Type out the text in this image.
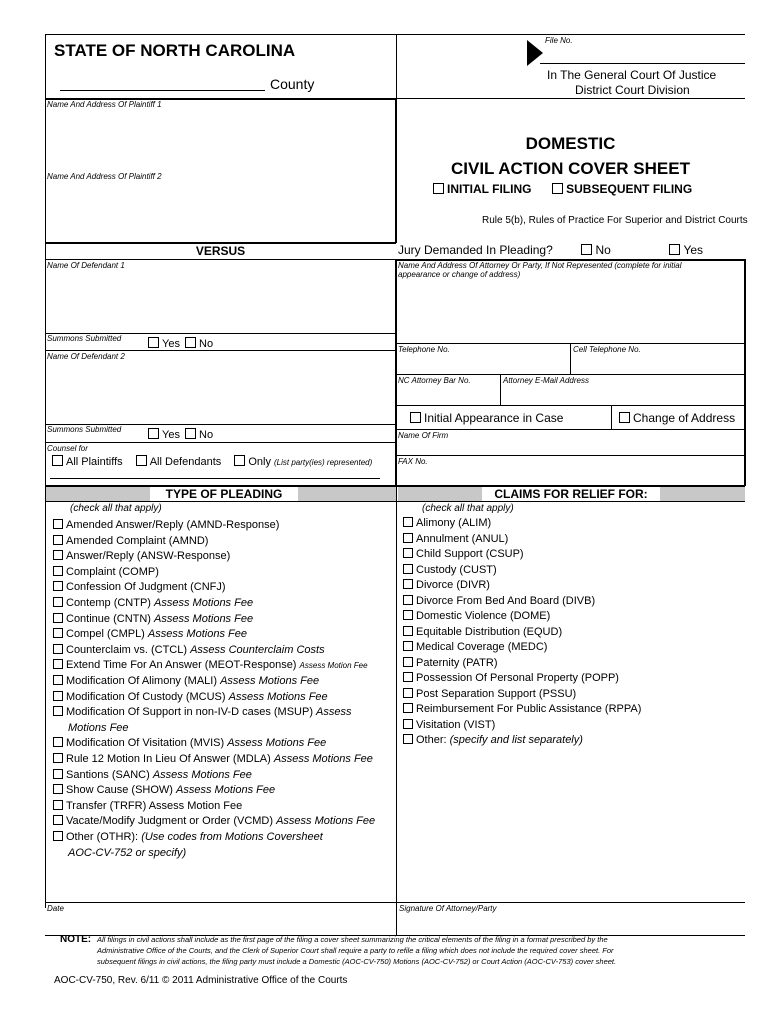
STATE OF NORTH CAROLINA
County
File No.
In The General Court Of Justice
District Court Division
Name And Address Of Plaintiff 1
Name And Address Of Plaintiff 2
DOMESTIC
CIVIL ACTION COVER SHEET
INITIAL FILING	SUBSEQUENT FILING
Rule 5(b), Rules of Practice For Superior and District Courts
VERSUS	Jury Demanded In Pleading?	No	Yes
Name Of Defendant 1
Summons Submitted	Yes No
Name Of Defendant 2
Summons Submitted	Yes No
Counsel for
All Plaintiffs All Defendants Only (List party(ies) represented)
Name And Address Of Attorney Or Party, If Not Represented (complete for initial
appearance or change of address)
Telephone No.	Cell Telephone No.
NC Attorney Bar No.	Attorney E-Mail Address
Initial Appearance in Case	Change of Address
Name Of Firm
FAX No.
TYPE OF PLEADING	CLAIMS FOR RELIEF FOR:
(check all that apply)	(check all that apply)
Amended Answer/Reply (AMND-Response)
Amended Complaint (AMND)
Answer/Reply (ANSW-Response)
Complaint (COMP)
Confession Of Judgment (CNFJ)
Contemp (CNTP) Assess Motions Fee
Continue (CNTN) Assess Motions Fee
Compel (CMPL) Assess Motions Fee
Counterclaim vs. (CTCL) Assess Counterclaim Costs
Extend Time For An Answer (MEOT-Response) Assess Motion Fee
Modification Of Alimony (MALI) Assess Motions Fee
Modification Of Custody (MCUS) Assess Motions Fee
Modification Of Support in non-IV-D cases (MSUP) Assess
Motions Fee
Modification Of Visitation (MVIS) Assess Motions Fee
Rule 12 Motion In Lieu Of Answer (MDLA) Assess Motions Fee
Santions (SANC) Assess Motions Fee
Show Cause (SHOW) Assess Motions Fee
Transfer (TRFR) Assess Motion Fee
Vacate/Modify Judgment or Order (VCMD) Assess Motions Fee
Other (OTHR): (Use codes from Motions Coversheet
AOC-CV-752 or specify)
Alimony (ALIM)
Annulment (ANUL)
Child Support (CSUP)
Custody (CUST)
Divorce (DIVR)
Divorce From Bed And Board (DIVB)
Domestic Violence (DOME)
Equitable Distribution (EQUD)
Medical Coverage (MEDC)
Paternity (PATR)
Possession Of Personal Property (POPP)
Post Separation Support (PSSU)
Reimbursement For Public Assistance (RPPA)
Visitation (VIST)
Other: (specify and list separately)
Date	Signature Of Attorney/Party
NOTE: All filings in civil actions shall include as the first page of the filing a cover sheet summarizing the critical elements of the filing in a format prescribed by the
Administrative Office of the Courts, and the Clerk of Superior Court shall require a party to refile a filing which does not include the required cover sheet. For
subsequent filings in civil actions, the filing party must include a Domestic (AOC-CV-750) Motions (AOC-CV-752) or Court Action (AOC-CV-753) cover sheet.
AOC-CV-750, Rev. 6/11 © 2011 Administrative Office of the Courts
